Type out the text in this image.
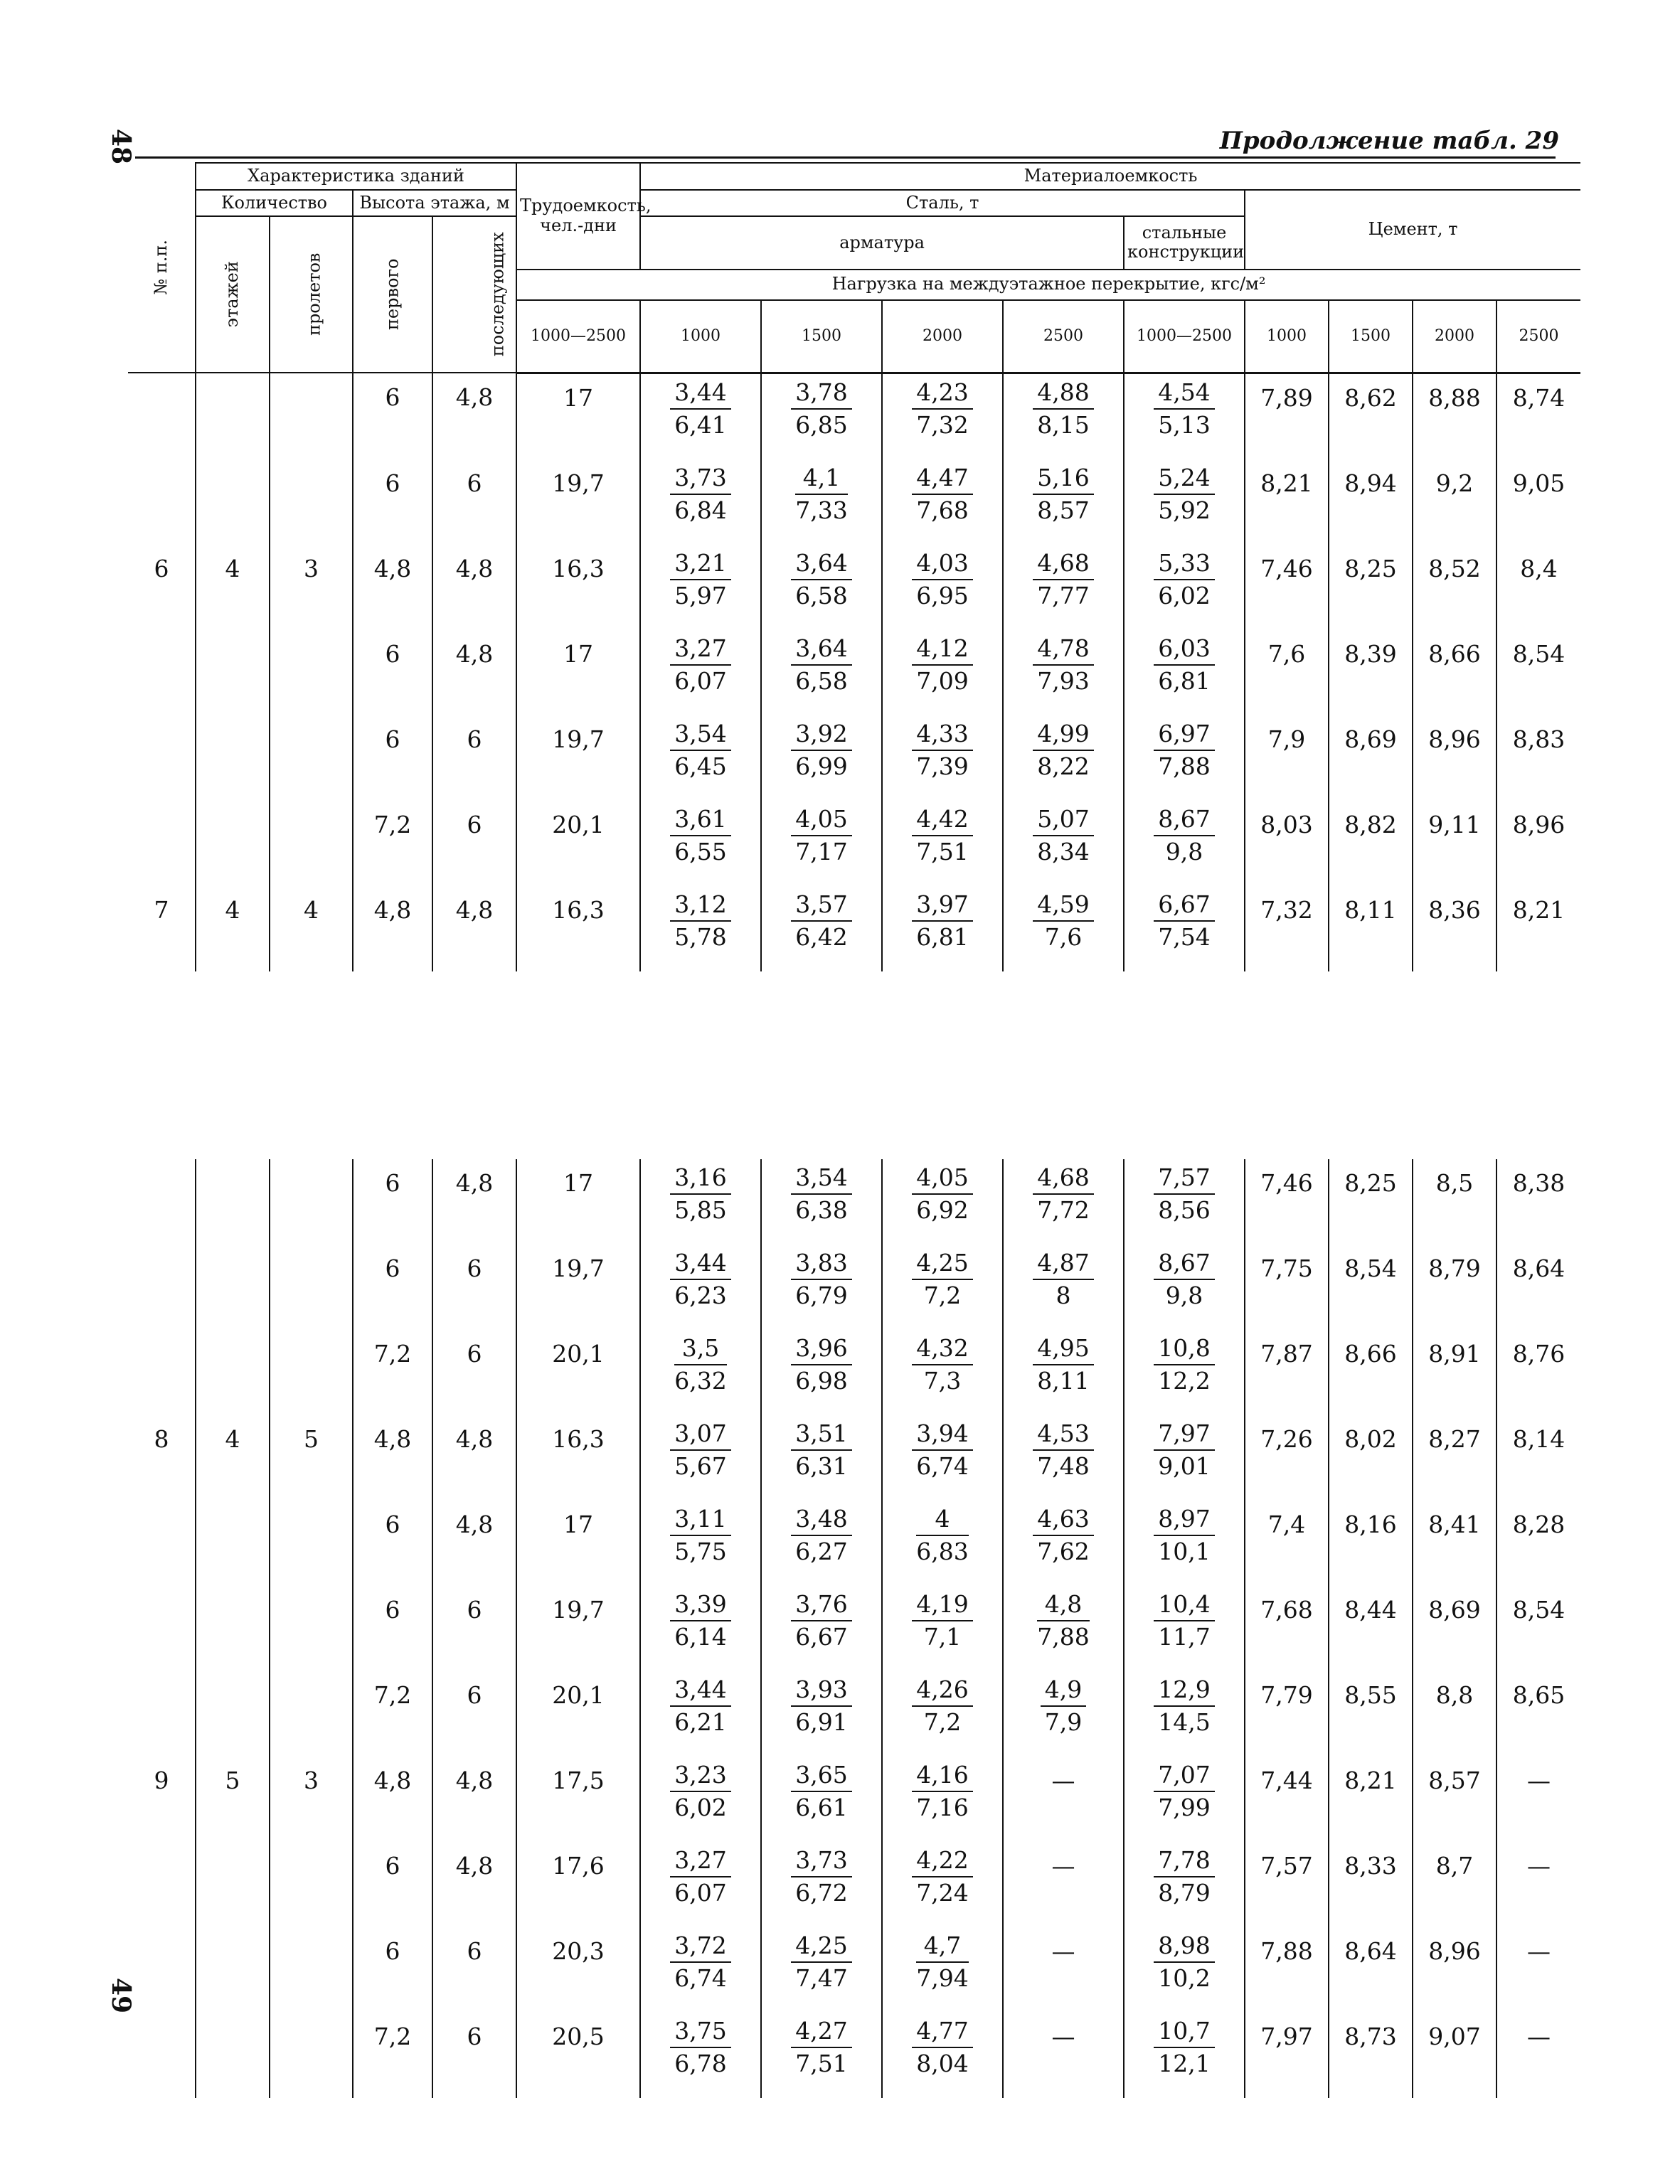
48	Продолжение табл. 29
№ п.п.	Характеристика зданий				Трудоемкость, чел.-дни	Материалоемкость								
	Количество		Высота этажа, м			Сталь, т					Цемент, т			
	этажей	пролетов	первого	последующих		арматура				стальные конструкции				
					Нагрузка на междуэтажное перекрытие, кгс/м²									
					1000—2500	1000	1500	2000	2500	1000—2500	1000	1500	2000	2500
			6	4,8	17	$\frac{3,44}{6,41}$	$\frac{3,78}{6,85}$	$\frac{4,23}{7,32}$	$\frac{4,88}{8,15}$	$\frac{4,54}{5,13}$	7,89	8,62	8,88	8,74
			6	6	19,7	$\frac{3,73}{6,84}$	$\frac{4,1}{7,33}$	$\frac{4,47}{7,68}$	$\frac{5,16}{8,57}$	$\frac{5,24}{5,92}$	8,21	8,94	9,2	9,05
6	4	3	4,8	4,8	16,3	$\frac{3,21}{5,97}$	$\frac{3,64}{6,58}$	$\frac{4,03}{6,95}$	$\frac{4,68}{7,77}$	$\frac{5,33}{6,02}$	7,46	8,25	8,52	8,4
			6	4,8	17	$\frac{3,27}{6,07}$	$\frac{3,64}{6,58}$	$\frac{4,12}{7,09}$	$\frac{4,78}{7,93}$	$\frac{6,03}{6,81}$	7,6	8,39	8,66	8,54
			6	6	19,7	$\frac{3,54}{6,45}$	$\frac{3,92}{6,99}$	$\frac{4,33}{7,39}$	$\frac{4,99}{8,22}$	$\frac{6,97}{7,88}$	7,9	8,69	8,96	8,83
			7,2	6	20,1	$\frac{3,61}{6,55}$	$\frac{4,05}{7,17}$	$\frac{4,42}{7,51}$	$\frac{5,07}{8,34}$	$\frac{8,67}{9,8}$	8,03	8,82	9,11	8,96
7	4	4	4,8	4,8	16,3	$\frac{3,12}{5,78}$	$\frac{3,57}{6,42}$	$\frac{3,97}{6,81}$	$\frac{4,59}{7,6}$	$\frac{6,67}{7,54}$	7,32	8,11	8,36	8,21
			6	4,8	17	$\frac{3,16}{5,85}$	$\frac{3,54}{6,38}$	$\frac{4,05}{6,92}$	$\frac{4,68}{7,72}$	$\frac{7,57}{8,56}$	7,46	8,25	8,5	8,38
			6	6	19,7	$\frac{3,44}{6,23}$	$\frac{3,83}{6,79}$	$\frac{4,25}{7,2}$	$\frac{4,87}{8}$	$\frac{8,67}{9,8}$	7,75	8,54	8,79	8,64
			7,2	6	20,1	$\frac{3,5}{6,32}$	$\frac{3,96}{6,98}$	$\frac{4,32}{7,3}$	$\frac{4,95}{8,11}$	$\frac{10,8}{12,2}$	7,87	8,66	8,91	8,76
8	4	5	4,8	4,8	16,3	$\frac{3,07}{5,67}$	$\frac{3,51}{6,31}$	$\frac{3,94}{6,74}$	$\frac{4,53}{7,48}$	$\frac{7,97}{9,01}$	7,26	8,02	8,27	8,14
			6	4,8	17	$\frac{3,11}{5,75}$	$\frac{3,48}{6,27}$	$\frac{4}{6,83}$	$\frac{4,63}{7,62}$	$\frac{8,97}{10,1}$	7,4	8,16	8,41	8,28
			6	6	19,7	$\frac{3,39}{6,14}$	$\frac{3,76}{6,67}$	$\frac{4,19}{7,1}$	$\frac{4,8}{7,88}$	$\frac{10,4}{11,7}$	7,68	8,44	8,69	8,54
			7,2	6	20,1	$\frac{3,44}{6,21}$	$\frac{3,93}{6,91}$	$\frac{4,26}{7,2}$	$\frac{4,9}{7,9}$	$\frac{12,9}{14,5}$	7,79	8,55	8,8	8,65
9	5	3	4,8	4,8	17,5	$\frac{3,23}{6,02}$	$\frac{3,65}{6,61}$	$\frac{4,16}{7,16}$	—	$\frac{7,07}{7,99}$	7,44	8,21	8,57	—
			6	4,8	17,6	$\frac{3,27}{6,07}$	$\frac{3,73}{6,72}$	$\frac{4,22}{7,24}$	—	$\frac{7,78}{8,79}$	7,57	8,33	8,7	—
			6	6	20,3	$\frac{3,72}{6,74}$	$\frac{4,25}{7,47}$	$\frac{4,7}{7,94}$	—	$\frac{8,98}{10,2}$	7,88	8,64	8,96	—
			7,2	6	20,5	$\frac{3,75}{6,78}$	$\frac{4,27}{7,51}$	$\frac{4,77}{8,04}$	—	$\frac{10,7}{12,1}$	7,97	8,73	9,07	—
49
